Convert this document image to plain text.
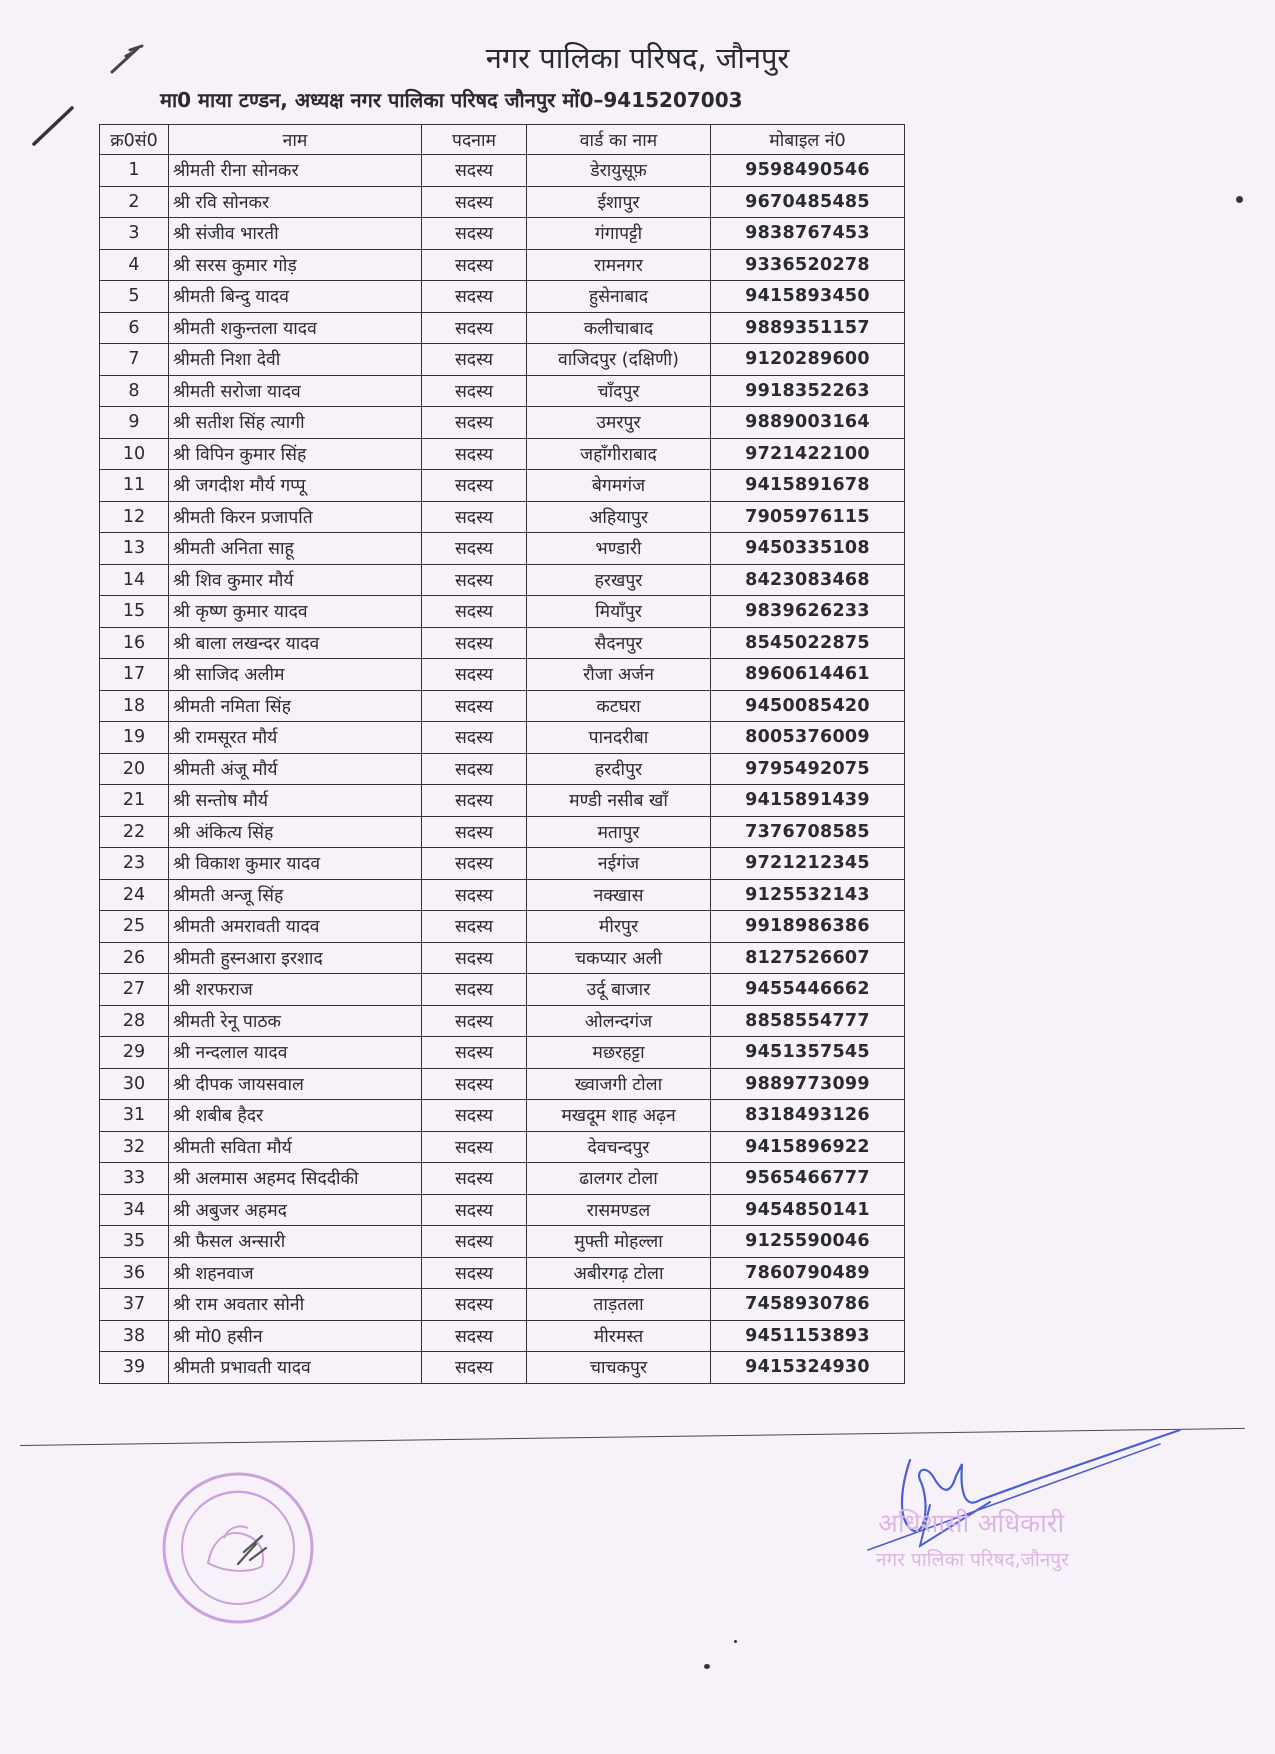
नगर पालिका परिषद, जौनपुर
मा0 माया टण्डन, अध्यक्ष नगर पालिका परिषद जौनपुर मों0–9415207003
क्र0सं0	नाम	पदनाम	वार्ड का नाम	मोबाइल नं0
1	श्रीमती रीना सोनकर	सदस्य	डेरायुसूफ़	9598490546
2	श्री रवि सोनकर	सदस्य	ईशापुर	9670485485
3	श्री संजीव भारती	सदस्य	गंगापट्टी	9838767453
4	श्री सरस कुमार गोड़	सदस्य	रामनगर	9336520278
5	श्रीमती बिन्दु यादव	सदस्य	हुसेनाबाद	9415893450
6	श्रीमती शकुन्तला यादव	सदस्य	कलीचाबाद	9889351157
7	श्रीमती निशा देवी	सदस्य	वाजिदपुर (दक्षिणी)	9120289600
8	श्रीमती सरोजा यादव	सदस्य	चाँदपुर	9918352263
9	श्री सतीश सिंह त्यागी	सदस्य	उमरपुर	9889003164
10	श्री विपिन कुमार सिंह	सदस्य	जहाँगीराबाद	9721422100
11	श्री जगदीश मौर्य गप्पू	सदस्य	बेगमगंज	9415891678
12	श्रीमती किरन प्रजापति	सदस्य	अहियापुर	7905976115
13	श्रीमती अनिता साहू	सदस्य	भण्डारी	9450335108
14	श्री शिव कुमार मौर्य	सदस्य	हरखपुर	8423083468
15	श्री कृष्ण कुमार यादव	सदस्य	मियाँपुर	9839626233
16	श्री बाला लखन्दर यादव	सदस्य	सैदनपुर	8545022875
17	श्री साजिद अलीम	सदस्य	रौजा अर्जन	8960614461
18	श्रीमती नमिता सिंह	सदस्य	कटघरा	9450085420
19	श्री रामसूरत मौर्य	सदस्य	पानदरीबा	8005376009
20	श्रीमती अंजू मौर्य	सदस्य	हरदीपुर	9795492075
21	श्री सन्तोष मौर्य	सदस्य	मण्डी नसीब खाँ	9415891439
22	श्री अंकित्य सिंह	सदस्य	मतापुर	7376708585
23	श्री विकाश कुमार यादव	सदस्य	नईगंज	9721212345
24	श्रीमती अन्जू सिंह	सदस्य	नक्खास	9125532143
25	श्रीमती अमरावती यादव	सदस्य	मीरपुर	9918986386
26	श्रीमती हुस्नआरा इरशाद	सदस्य	चकप्यार अली	8127526607
27	श्री शरफराज	सदस्य	उर्दू बाजार	9455446662
28	श्रीमती रेनू पाठक	सदस्य	ओलन्दगंज	8858554777
29	श्री नन्दलाल यादव	सदस्य	मछरहट्टा	9451357545
30	श्री दीपक जायसवाल	सदस्य	ख्वाजगी टोला	9889773099
31	श्री शबीब हैदर	सदस्य	मखदूम शाह अढ़न	8318493126
32	श्रीमती सविता मौर्य	सदस्य	देवचन्दपुर	9415896922
33	श्री अलमास अहमद सिददीकी	सदस्य	ढालगर टोला	9565466777
34	श्री अबुजर अहमद	सदस्य	रासमण्डल	9454850141
35	श्री फैसल अन्सारी	सदस्य	मुफ्ती मोहल्ला	9125590046
36	श्री शहनवाज	सदस्य	अबीरगढ़ टोला	7860790489
37	श्री राम अवतार सोनी	सदस्य	ताड़तला	7458930786
38	श्री मो0 हसीन	सदस्य	मीरमस्त	9451153893
39	श्रीमती प्रभावती यादव	सदस्य	चाचकपुर	9415324930
अधिशासी अधिकारी
नगर पालिका परिषद,जौनपुर
